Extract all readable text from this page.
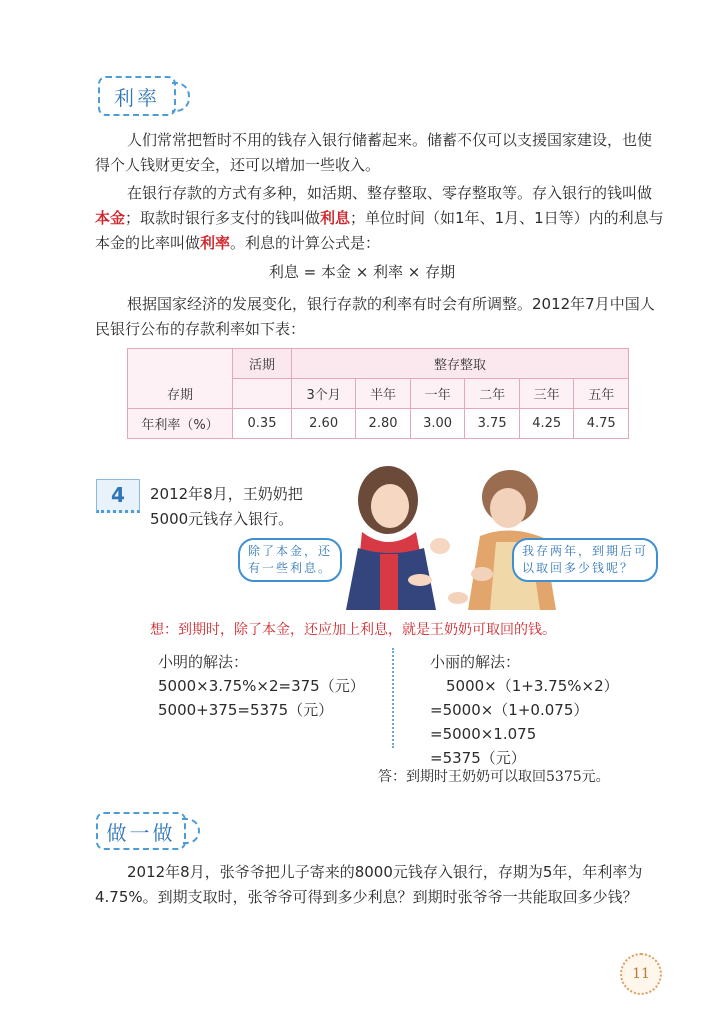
利率
人们常常把暂时不用的钱存入银行储蓄起来。储蓄不仅可以支援国家建设，也使得个人钱财更安全，还可以增加一些收入。
在银行存款的方式有多种，如活期、整存整取、零存整取等。存入银行的钱叫做本金；取款时银行多支付的钱叫做利息；单位时间（如1年、1月、1日等）内的利息与本金的比率叫做利率。利息的计算公式是：
利息 = 本金 × 利率 × 存期
根据国家经济的发展变化，银行存款的利率有时会有所调整。2012年7月中国人民银行公布的存款利率如下表：
存期	活期	整存整取					
		3个月	半年	一年	二年	三年	五年
年利率（%）	0.35	2.60	2.80	3.00	3.75	4.25	4.75
4 2012年8月，王奶奶把
5000元钱存入银行。
除了本金，还
有一些利息。
我存两年，到期后可
以取回多少钱呢？
想：到期时，除了本金，还应加上利息，就是王奶奶可取回的钱。
小明的解法：
5000×3.75%×2=375（元）
5000+375=5375（元）
小丽的解法：
5000×（1+3.75%×2）
=5000×（1+0.075）
=5000×1.075
=5375（元）
答：到期时王奶奶可以取回5375元。
做一做
2012年8月，张爷爷把儿子寄来的8000元钱存入银行，存期为5年，年利率为4.75%。到期支取时，张爷爷可得到多少利息？到期时张爷爷一共能取回多少钱？
11
